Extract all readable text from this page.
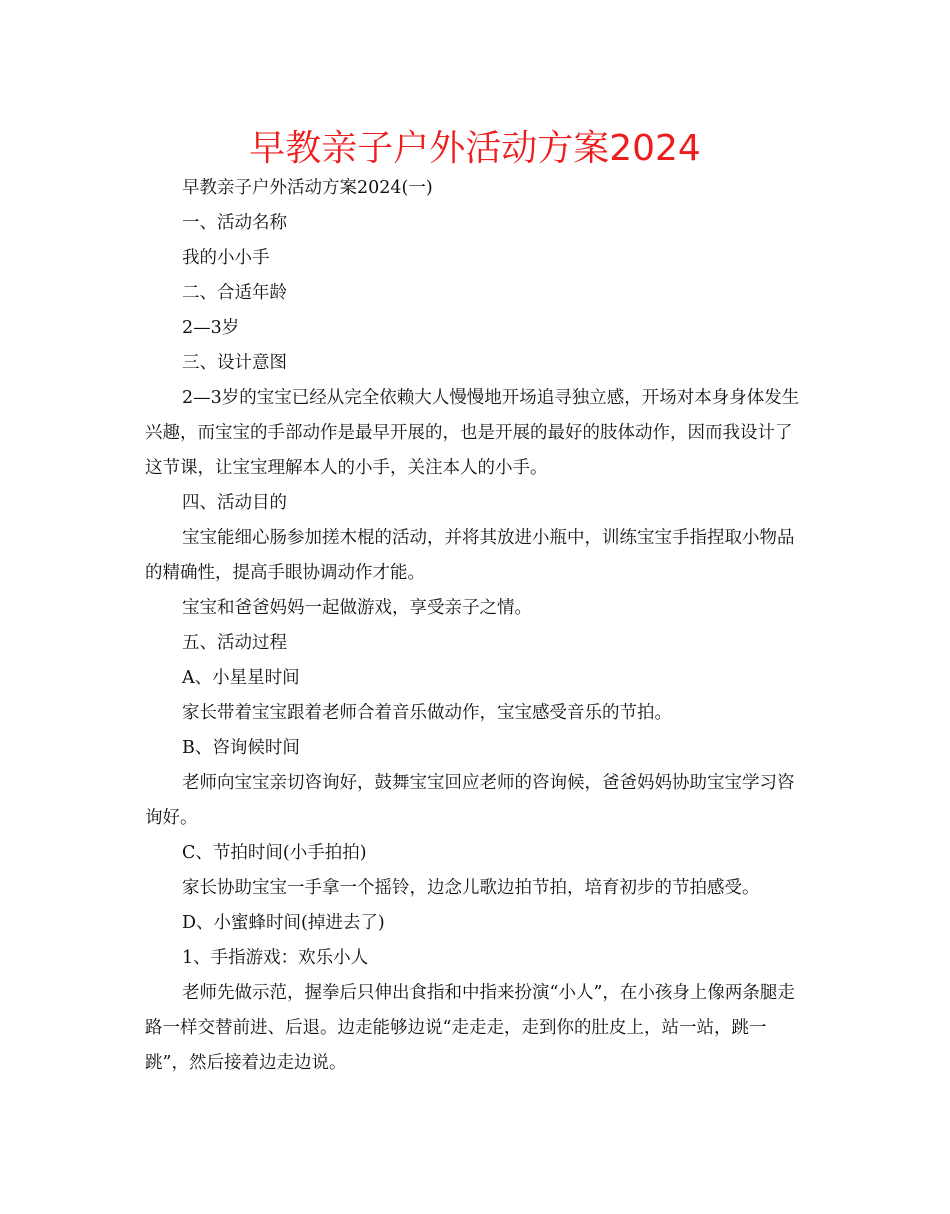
早教亲子户外活动方案2024

早教亲子户外活动方案2024(一)

一、活动名称

我的小小手

二、合适年龄

2—3岁

三、设计意图

2—3岁的宝宝已经从完全依赖大人慢慢地开场追寻独立感，开场对本身身体发生兴趣，而宝宝的手部动作是最早开展的，也是开展的最好的肢体动作，因而我设计了这节课，让宝宝理解本人的小手，关注本人的小手。

四、活动目的

宝宝能细心肠参加搓木棍的活动，并将其放进小瓶中，训练宝宝手指捏取小物品的精确性，提高手眼协调动作才能。

宝宝和爸爸妈妈一起做游戏，享受亲子之情。

五、活动过程

A、小星星时间

家长带着宝宝跟着老师合着音乐做动作，宝宝感受音乐的节拍。

B、咨询候时间

老师向宝宝亲切咨询好，鼓舞宝宝回应老师的咨询候，爸爸妈妈协助宝宝学习咨询好。

C、节拍时间(小手拍拍)

家长协助宝宝一手拿一个摇铃，边念儿歌边拍节拍，培育初步的节拍感受。

D、小蜜蜂时间(掉进去了)

1、手指游戏：欢乐小人

老师先做示范，握拳后只伸出食指和中指来扮演“小人”，在小孩身上像两条腿走路一样交替前进、后退。边走能够边说“走走走，走到你的肚皮上，站一站，跳一跳”，然后接着边走边说。
